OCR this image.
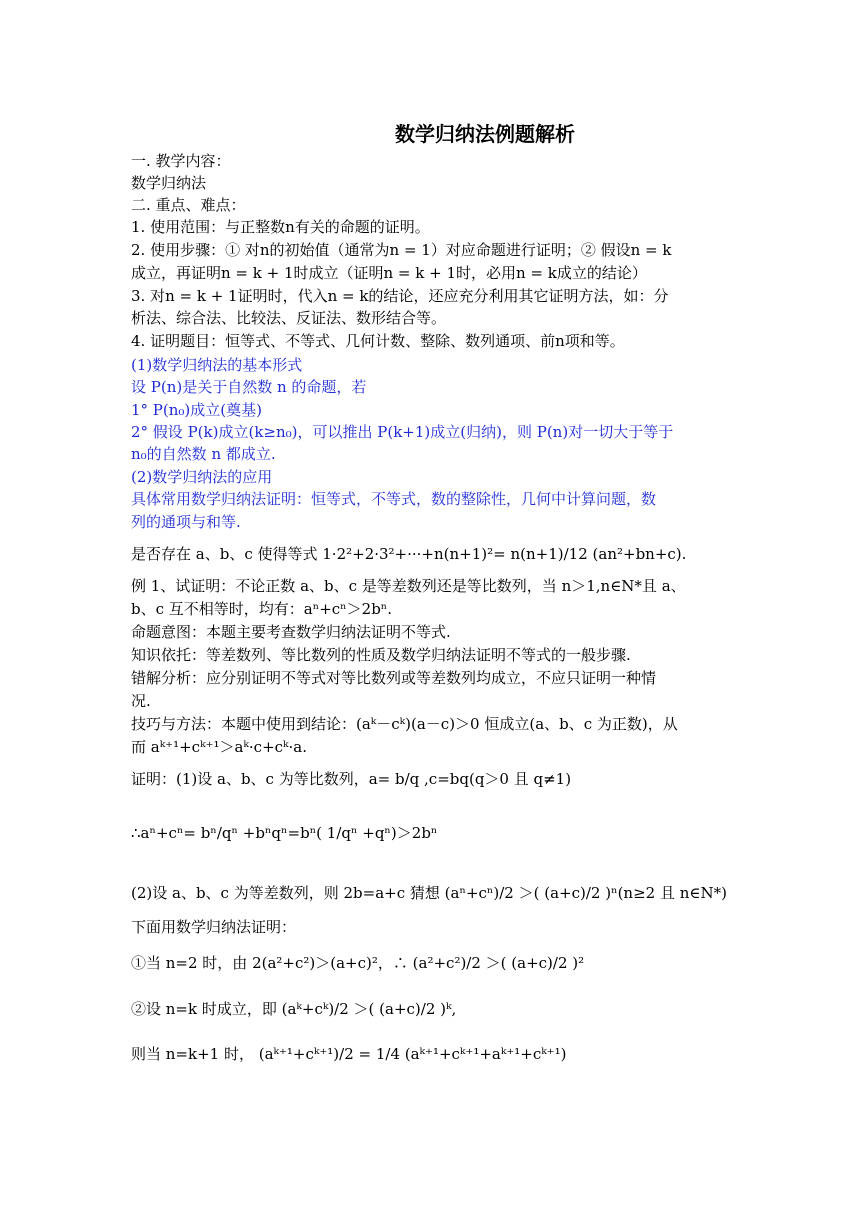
数学归纳法例题解析
一. 教学内容：
数学归纳法
二. 重点、难点：
1. 使用范围：与正整数n有关的命题的证明。
2. 使用步骤：① 对n的初始值（通常为n = 1）对应命题进行证明；② 假设n = k
成立，再证明n = k + 1时成立（证明n = k + 1时，必用n = k成立的结论）
3. 对n = k + 1证明时，代入n = k的结论，还应充分利用其它证明方法，如：分
析法、综合法、比较法、反证法、数形结合等。
4. 证明题目：恒等式、不等式、几何计数、整除、数列通项、前n项和等。
(1)数学归纳法的基本形式
设 P(n)是关于自然数 n 的命题，若
1° P(n₀)成立(奠基)
2° 假设 P(k)成立(k≥n₀)，可以推出 P(k+1)成立(归纳)，则 P(n)对一切大于等于
n₀的自然数 n 都成立.
(2)数学归纳法的应用
具体常用数学归纳法证明：恒等式，不等式，数的整除性，几何中计算问题，数
列的通项与和等.
是否存在 a、b、c 使得等式 1·2²+2·3²+···+n(n+1)²= n(n+1)/12 (an²+bn+c).
例 1、试证明：不论正数 a、b、c 是等差数列还是等比数列，当 n＞1,n∈N*且 a、
b、c 互不相等时，均有：aⁿ+cⁿ＞2bⁿ.
命题意图：本题主要考查数学归纳法证明不等式.
知识依托：等差数列、等比数列的性质及数学归纳法证明不等式的一般步骤.
错解分析：应分别证明不等式对等比数列或等差数列均成立，不应只证明一种情
况.
技巧与方法：本题中使用到结论：(aᵏ－cᵏ)(a－c)＞0 恒成立(a、b、c 为正数)，从
而 aᵏ⁺¹+cᵏ⁺¹＞aᵏ·c+cᵏ·a.
证明：(1)设 a、b、c 为等比数列，a= b/q ,c=bq(q＞0 且 q≠1)
∴aⁿ+cⁿ= bⁿ/qⁿ +bⁿqⁿ=bⁿ( 1/qⁿ +qⁿ)＞2bⁿ
(2)设 a、b、c 为等差数列，则 2b=a+c 猜想 (aⁿ+cⁿ)/2 ＞( (a+c)/2 )ⁿ(n≥2 且 n∈N*)
下面用数学归纳法证明：
①当 n=2 时，由 2(a²+c²)＞(a+c)²，∴ (a²+c²)/2 ＞( (a+c)/2 )²
②设 n=k 时成立，即 (aᵏ+cᵏ)/2 ＞( (a+c)/2 )ᵏ,
则当 n=k+1 时， (aᵏ⁺¹+cᵏ⁺¹)/2 = 1/4 (aᵏ⁺¹+cᵏ⁺¹+aᵏ⁺¹+cᵏ⁺¹)
